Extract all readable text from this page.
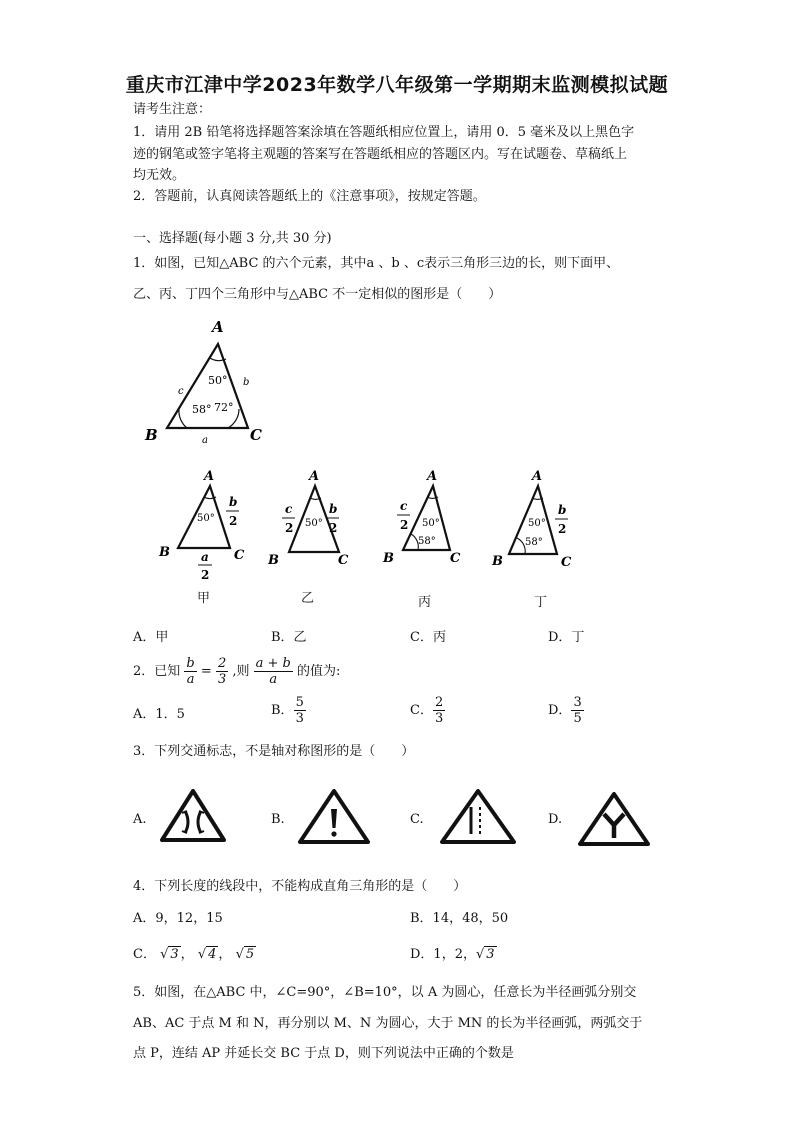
重庆市江津中学2023年数学八年级第一学期期末监测模拟试题
请考生注意：
1．请用 2B 铅笔将选择题答案涂填在答题纸相应位置上，请用 0．5 毫米及以上黑色字
迹的钢笔或签字笔将主观题的答案写在答题纸相应的答题区内。写在试题卷、草稿纸上
均无效。
2．答题前，认真阅读答题纸上的《注意事项》，按规定答题。
一、选择题(每小题 3 分,共 30 分)
1．如图，已知△ABC 的六个元素，其中a 、b 、c表示三角形三边的长，则下面甲、
乙、丙、丁四个三角形中与△ABC 不一定相似的图形是（　　）
A
B	C
c
b
a
50°
58° 72°
A
B	C
50°
b
2
a
2
甲
A
B	C
50°
c
2
b
2
乙
A
B	C
50°
58°
c
2
丙
A
B	C
50°
58°
b
2
丁
A．甲	B．乙	C．丙	D．丁
2．已知 $\frac{b}{a} = \frac{2}{3}$ ,则 $\frac{a + b}{a}$ 的值为:
A．1．5	B． $\frac{5}{3}$	C． $\frac{2}{3}$	D． $\frac{3}{5}$
3．下列交通标志，不是轴对称图形的是（　　）
A.	B.	C.	D.
4．下列长度的线段中，不能构成直角三角形的是（　　）
A．9，12，15	B．14，48，50
C． √ 3 ， √ 4 ， √ 5	D．1，2，√ 3
5．如图，在△ABC 中，∠C=90°，∠B=10°，以 A 为圆心，任意长为半径画弧分别交
AB、AC 于点 M 和 N，再分别以 M、N 为圆心，大于 MN 的长为半径画弧，两弧交于
点 P，连结 AP 并延长交 BC 于点 D，则下列说法中正确的个数是
